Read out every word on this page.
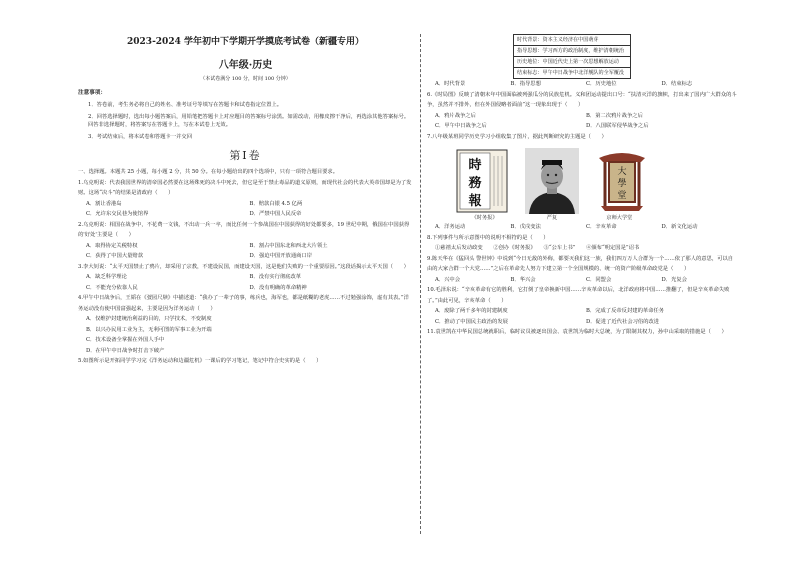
2023-2024 学年初中下学期开学摸底考试卷（新疆专用）
八年级·历史
（本试卷满分 100 分，时间 100 分钟）
注意事项：
1．答卷前，考生务必将自己的姓名、准考证号等填写在答题卡和试卷指定位置上。
2．回答选择题时，选出每小题答案后，用铅笔把答题卡上对应题目的答案标号涂黑。如需改动，用橡皮擦干净后，再选涂其他答案标号。回答非选择题时，将答案写在答题卡上，写在本试卷上无效。
3．考试结束后，将本试卷和答题卡一并交回
第Ⅰ卷

一、选择题。本题共 25 小题，每小题 2 分，共 50 分。在每小题给出的四个选项中，只有一项符合题目要求。

1.乌克明说：代表我国世界的清帝国必然要在这场殊死的决斗中死去，但它是至于禁止毒品的道义原则，而现代社会的代表大英帝国却是为了发财。这场“决斗”的结果是清政府（　　）

A．割让香港岛	B．赔款白银 4.5 亿两
C．允许东交民巷为使馆界	D．严禁中国人民反帝

2.乌克明说：相国在战争中，不花费一文钱，不出动一兵一卒，而比任何一个参战国在中国获得的好处都要多，19 世纪中期，俄国在中国获得的'好处'主要是（　　）

A．取得协定关税特权	B．割占中国东北和西北大片领土
C．获得了中国大量赔款	D．强迫中国开放通商口岸

3.李大钊说：“太平天国禁止了鸦片，却采用了宗教，不建设民国，而建设天国，这是他们失败的一个重要原因。”这段话揭示太平天国（　　）

A．缺乏科学理论	B．没有实行彻底改革
C．不能充分依靠人民	D．没有明确的革命精神

4.甲午中日战争后，王韬在《弢园尺牍》中描述道：“我办了一辈子的事，练兵也，海军也，都是纸糊的老虎……不过勉强涂饰，虚有其表。”洋务运动没有使中国富强起来，主要是因为洋务运动（　　）

A．仅维护封建统治利益的目的，只学技术，不变制度
B．以兴办民用工业为主，无利可图的军事工业为开端
C．技术设备全掌握在外国人手中
D．在甲午中日战争时打击下破产

5.如图所示是开拓同学学习完《洋务运动和边疆危机》一课后的学习笔记，笔记中符合史实的是（　　）

时代背景：资本主义经济在中国萌芽
指导思想：学习西方的政治制度，维护清朝统治
历史地位：中国近代史上第一次思想解放运动
结束标志：甲午中日战争中北洋舰队的全军覆没
A．时代背景	B．指导思想	C．历史地位	D．结束标志

6.《时局图》反映了清朝末年中国面临被列强瓜分的民族危机。义和团运动提出口号：“扶清灭洋的旗帜，打出来了国内广大群众的斗争，虽然并不排外，但在外国侵略者面前”这一现象出现于（　　）

A．鸦片战争之后	B．第二次鸦片战争之后
C．甲午中日战争之后	D．八国联军侵华战争之后

7.八年级某班同学历史学习小组收集了图片，据此判断研究的主题是（　　）

時
務
報
大
學
堂
《时务报》	严复	京师大学堂
A．洋务运动	B．戊戌变法	C．辛亥革命	D．新文化运动

8.下列事件与所示意图中的说明不相符的是（　　）

①慈禧太后发动政变　　②创办《时务报》　　③“公车上书”　　④颁布“明定国是”诏书

9.陈天华在《猛回头 警世钟》中说到“今日无敌的外侮，都要灭我们这一族，我们四万万人合群为一个……依了那人的意思，可以自由的大家合群一个大党……”之后在革命先人努力下建立第一个全国规模的、统一的资产阶级革命政党是（　　）

A．兴中会	B．华兴会	C．同盟会	D．光复会

10.毛泽东说：“辛亥革命有它的胜利，它打倒了皇帝换新中国……辛亥革命以后，北洋政府将中国……推翻了，但是辛亥革命失败了。”由此可见，辛亥革命（　　）

A．废除了两千多年的封建制度	B．完成了反帝反封建的革命任务
C．推动了中国民主政治的发展	D．促进了近代社会习俗的改进

11.袁世凯在中华民国总统就职后，临时议员被逐出国会、袁世凯为临时大总统，为了限制其权力，孙中山采取的措施是（　　）
